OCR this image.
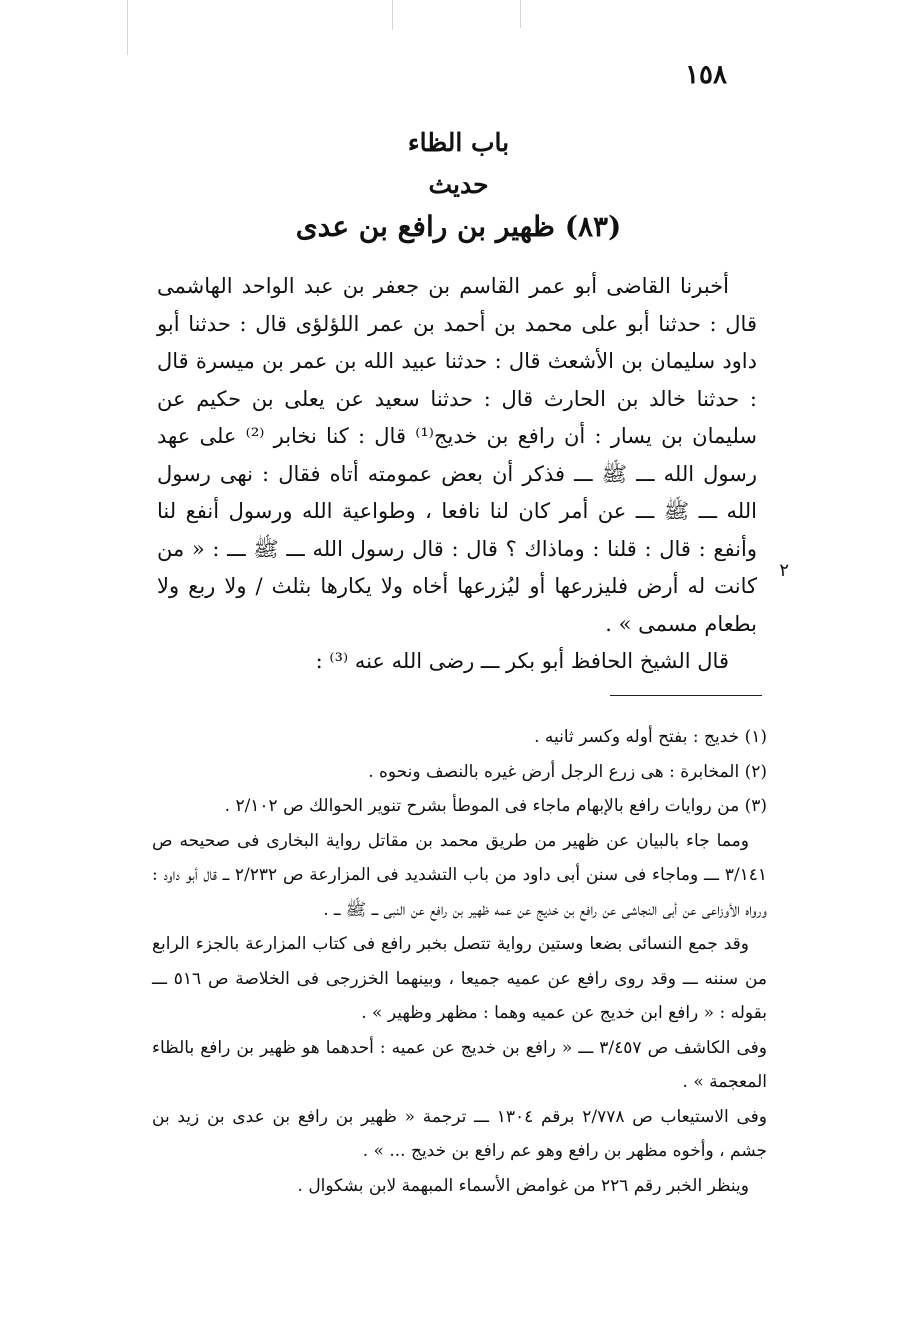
١٥٨
باب الظاء
حديث
(٨٣) ظهير بن رافع بن عدى

أخبرنا القاضى أبو عمر القاسم بن جعفر بن عبد الواحد الهاشمى قال : حدثنا أبو على محمد بن أحمد بن عمر اللؤلؤى قال : حدثنا أبو داود سليمان بن الأشعث قال : حدثنا عبيد الله بن عمر بن ميسرة قال : حدثنا خالد بن الحارث قال : حدثنا سعيد عن يعلى بن حكيم عن سليمان بن يسار : أن رافع بن خديج⁽¹⁾ قال : كنا نخابر ⁽²⁾ على عهد رسول الله ـــ ﷺ ـــ فذكر أن بعض عمومته أتاه فقال : نهى رسول الله ـــ ﷺ ـــ عن أمر كان لنا نافعا ، وطواعية الله ورسول أنفع لنا وأنفع : قال : قلنا : وماذاك ؟ قال : قال رسول الله ـــ ﷺ ـــ : « من كانت له أرض فليزرعها أو ليُزرعها أخاه ولا يكارها بثلث / ولا ربع ولا بطعام مسمى » .

قال الشيخ الحافظ أبو بكر ـــ رضى الله عنه ⁽³⁾ :

٢

(١) خديج : بفتح أوله وكسر ثانيه .

(٢) المخابرة : هى زرع الرجل أرض غيره بالنصف ونحوه .

(٣) من روايات رافع بالإبهام ماجاء فى الموطأ بشرح تنوير الحوالك ص ٢/١٠٢ .

ومما جاء بالبيان عن ظهير من طريق محمد بن مقاتل رواية البخارى فى صحيحه ص ٣/١٤١ ـــ وماجاء فى سنن أبى داود من باب التشديد فى المزارعة ص ٢/٢٣٢ ـــ قال أبو داود : ورواه الأوزاعى عن أبى النجاشى عن رافع بن خديج عن عمه ظهير بن رافع عن النبى ـــ ﷺ ـــ .

وقد جمع النسائى بضعا وستين رواية تتصل بخبر رافع فى كتاب المزارعة بالجزء الرابع من سننه ـــ وقد روى رافع عن عميه جميعا ، وبينهما الخزرجى فى الخلاصة ص ٥١٦ ـــ بقوله : « رافع ابن خديج عن عميه وهما : مظهر وظهير » .

وفى الكاشف ص ٣/٤٥٧ ـــ « رافع بن خديج عن عميه : أحدهما هو ظهير بن رافع بالظاء المعجمة » .

وفى الاستيعاب ص ٢/٧٧٨ برقم ١٣٠٤ ـــ ترجمة « ظهير بن رافع بن عدى بن زيد بن جشم ، وأخوه مظهر بن رافع وهو عم رافع بن خديج ... » .

وينظر الخبر رقم ٢٢٦ من غوامض الأسماء المبهمة لابن بشكوال .
